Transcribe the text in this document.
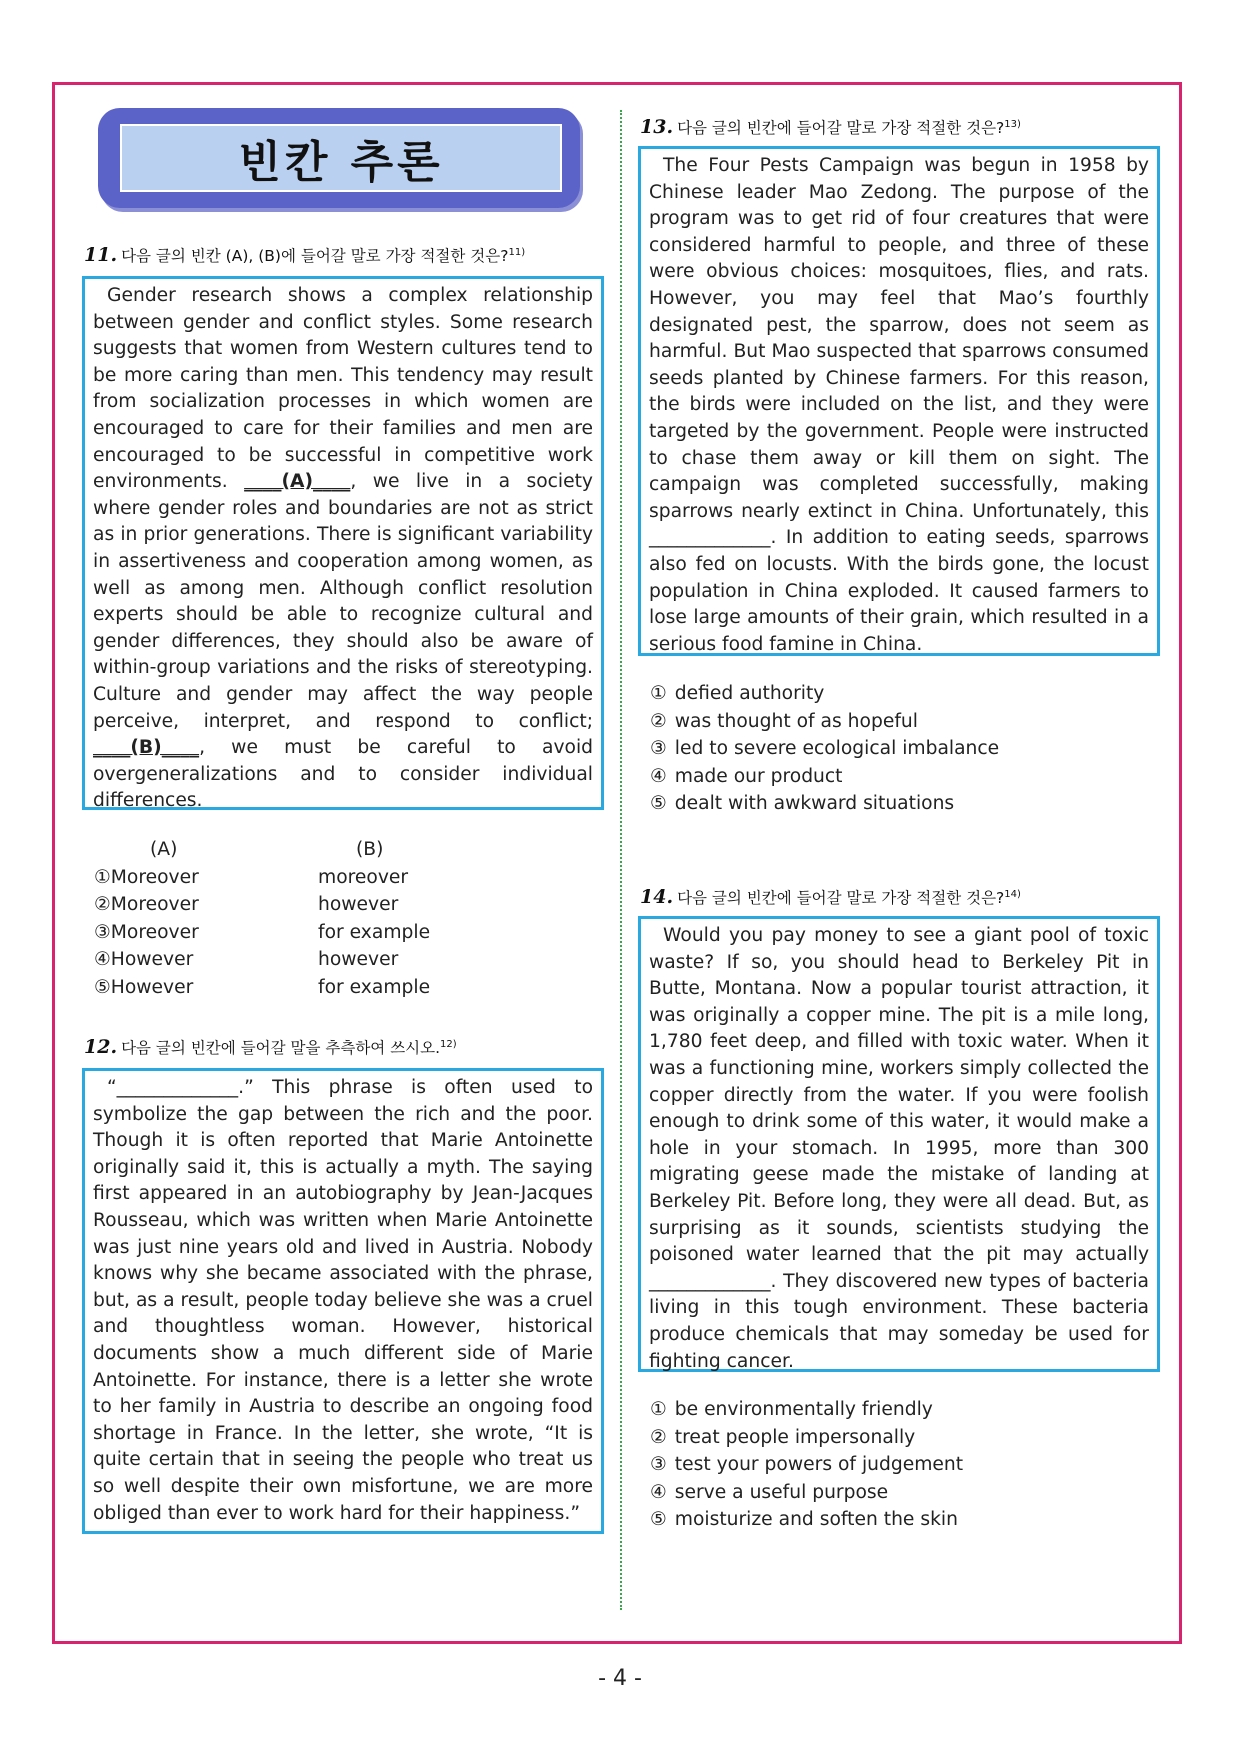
빈칸 추론
11. 다음 글의 빈칸 (A), (B)에 들어갈 말로 가장 적절한 것은?$^{11)}$

Gender research shows a complex relationship between gender and conflict styles. Some research suggests that women from Western cultures tend to be more caring than men. This tendency may result from socialization processes in which women are encouraged to care for their families and men are encouraged to be successful in competitive work environments. ____(A)____, we live in a society where gender roles and boundaries are not as strict as in prior generations. There is significant variability in assertiveness and cooperation among women, as well as among men. Although conflict resolution experts should be able to recognize cultural and gender differences, they should also be aware of within-group variations and the risks of stereotyping. Culture and gender may affect the way people perceive, interpret, and respond to conflict; ____(B)____, we must be careful to avoid overgeneralizations and to consider individual differences.

(A)	(B)
①Moreover	moreover
②Moreover	however
③Moreover	for example
④However	however
⑤However	for example
12. 다음 글의 빈칸에 들어갈 말을 추측하여 쓰시오.$^{12)}$

“_____________.” This phrase is often used to symbolize the gap between the rich and the poor. Though it is often reported that Marie Antoinette originally said it, this is actually a myth. The saying first appeared in an autobiography by Jean-Jacques Rousseau, which was written when Marie Antoinette was just nine years old and lived in Austria. Nobody knows why she became associated with the phrase, but, as a result, people today believe she was a cruel and thoughtless woman. However, historical documents show a much different side of Marie Antoinette. For instance, there is a letter she wrote to her family in Austria to describe an ongoing food shortage in France. In the letter, she wrote, “It is quite certain that in seeing the people who treat us so well despite their own misfortune, we are more obliged than ever to work hard for their happiness.”

13. 다음 글의 빈칸에 들어갈 말로 가장 적절한 것은?$^{13)}$

The Four Pests Campaign was begun in 1958 by Chinese leader Mao Zedong. The purpose of the program was to get rid of four creatures that were considered harmful to people, and three of these were obvious choices: mosquitoes, flies, and rats. However, you may feel that Mao’s fourthly designated pest, the sparrow, does not seem as harmful. But Mao suspected that sparrows consumed seeds planted by Chinese farmers. For this reason, the birds were included on the list, and they were targeted by the government. People were instructed to chase them away or kill them on sight. The campaign was completed successfully, making sparrows nearly extinct in China. Unfortunately, this _____________. In addition to eating seeds, sparrows also fed on locusts. With the birds gone, the locust population in China exploded. It caused farmers to lose large amounts of their grain, which resulted in a serious food famine in China.

① defied authority
② was thought of as hopeful
③ led to severe ecological imbalance
④ made our product
⑤ dealt with awkward situations
14. 다음 글의 빈칸에 들어갈 말로 가장 적절한 것은?$^{14)}$

Would you pay money to see a giant pool of toxic waste? If so, you should head to Berkeley Pit in Butte, Montana. Now a popular tourist attraction, it was originally a copper mine. The pit is a mile long, 1,780 feet deep, and filled with toxic water. When it was a functioning mine, workers simply collected the copper directly from the water. If you were foolish enough to drink some of this water, it would make a hole in your stomach. In 1995, more than 300 migrating geese made the mistake of landing at Berkeley Pit. Before long, they were all dead. But, as surprising as it sounds, scientists studying the poisoned water learned that the pit may actually _____________. They discovered new types of bacteria living in this tough environment. These bacteria produce chemicals that may someday be used for fighting cancer.

① be environmentally friendly
② treat people impersonally
③ test your powers of judgement
④ serve a useful purpose
⑤ moisturize and soften the skin
- 4 -
